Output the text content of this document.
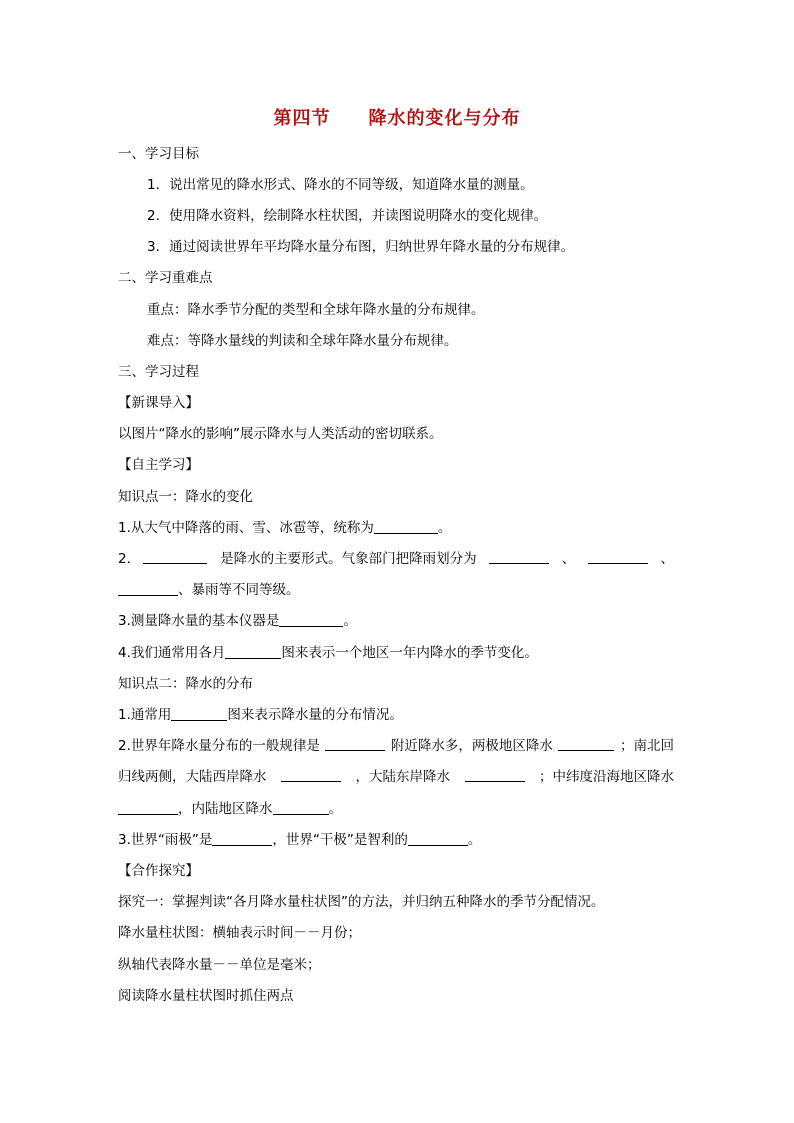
第四节　　降水的变化与分布
一、学习目标
1．说出常见的降水形式、降水的不同等级，知道降水量的测量。
2．使用降水资料，绘制降水柱状图，并读图说明降水的变化规律。
3．通过阅读世界年平均降水量分布图，归纳世界年降水量的分布规律。
二、学习重难点
重点：降水季节分配的类型和全球年降水量的分布规律。
难点：等降水量线的判读和全球年降水量分布规律。
三、学习过程
【新课导入】
以图片“降水的影响”展示降水与人类活动的密切联系。
【自主学习】
知识点一：降水的变化
1.从大气中降落的雨、雪、冰雹等，统称为	。
2.	是降水的主要形式。气象部门把降雨划分为	、	、
、暴雨等不同等级。
3.测量降水量的基本仪器是	。
4.我们通常用各月	图来表示一个地区一年内降水的季节变化。
知识点二：降水的分布
1.通常用	图来表示降水量的分布情况。
2.世界年降水量分布的一般规律是	附近降水多，两极地区降水	；南北回
归线两侧，大陆西岸降水	，大陆东岸降水	；中纬度沿海地区降水
，内陆地区降水	。
3.世界“雨极”是	，世界“干极”是智利的	。
【合作探究】
探究一：掌握判读“各月降水量柱状图”的方法，并归纳五种降水的季节分配情况。
降水量柱状图：横轴表示时间－－月份；
纵轴代表降水量－－单位是毫米；
阅读降水量柱状图时抓住两点
